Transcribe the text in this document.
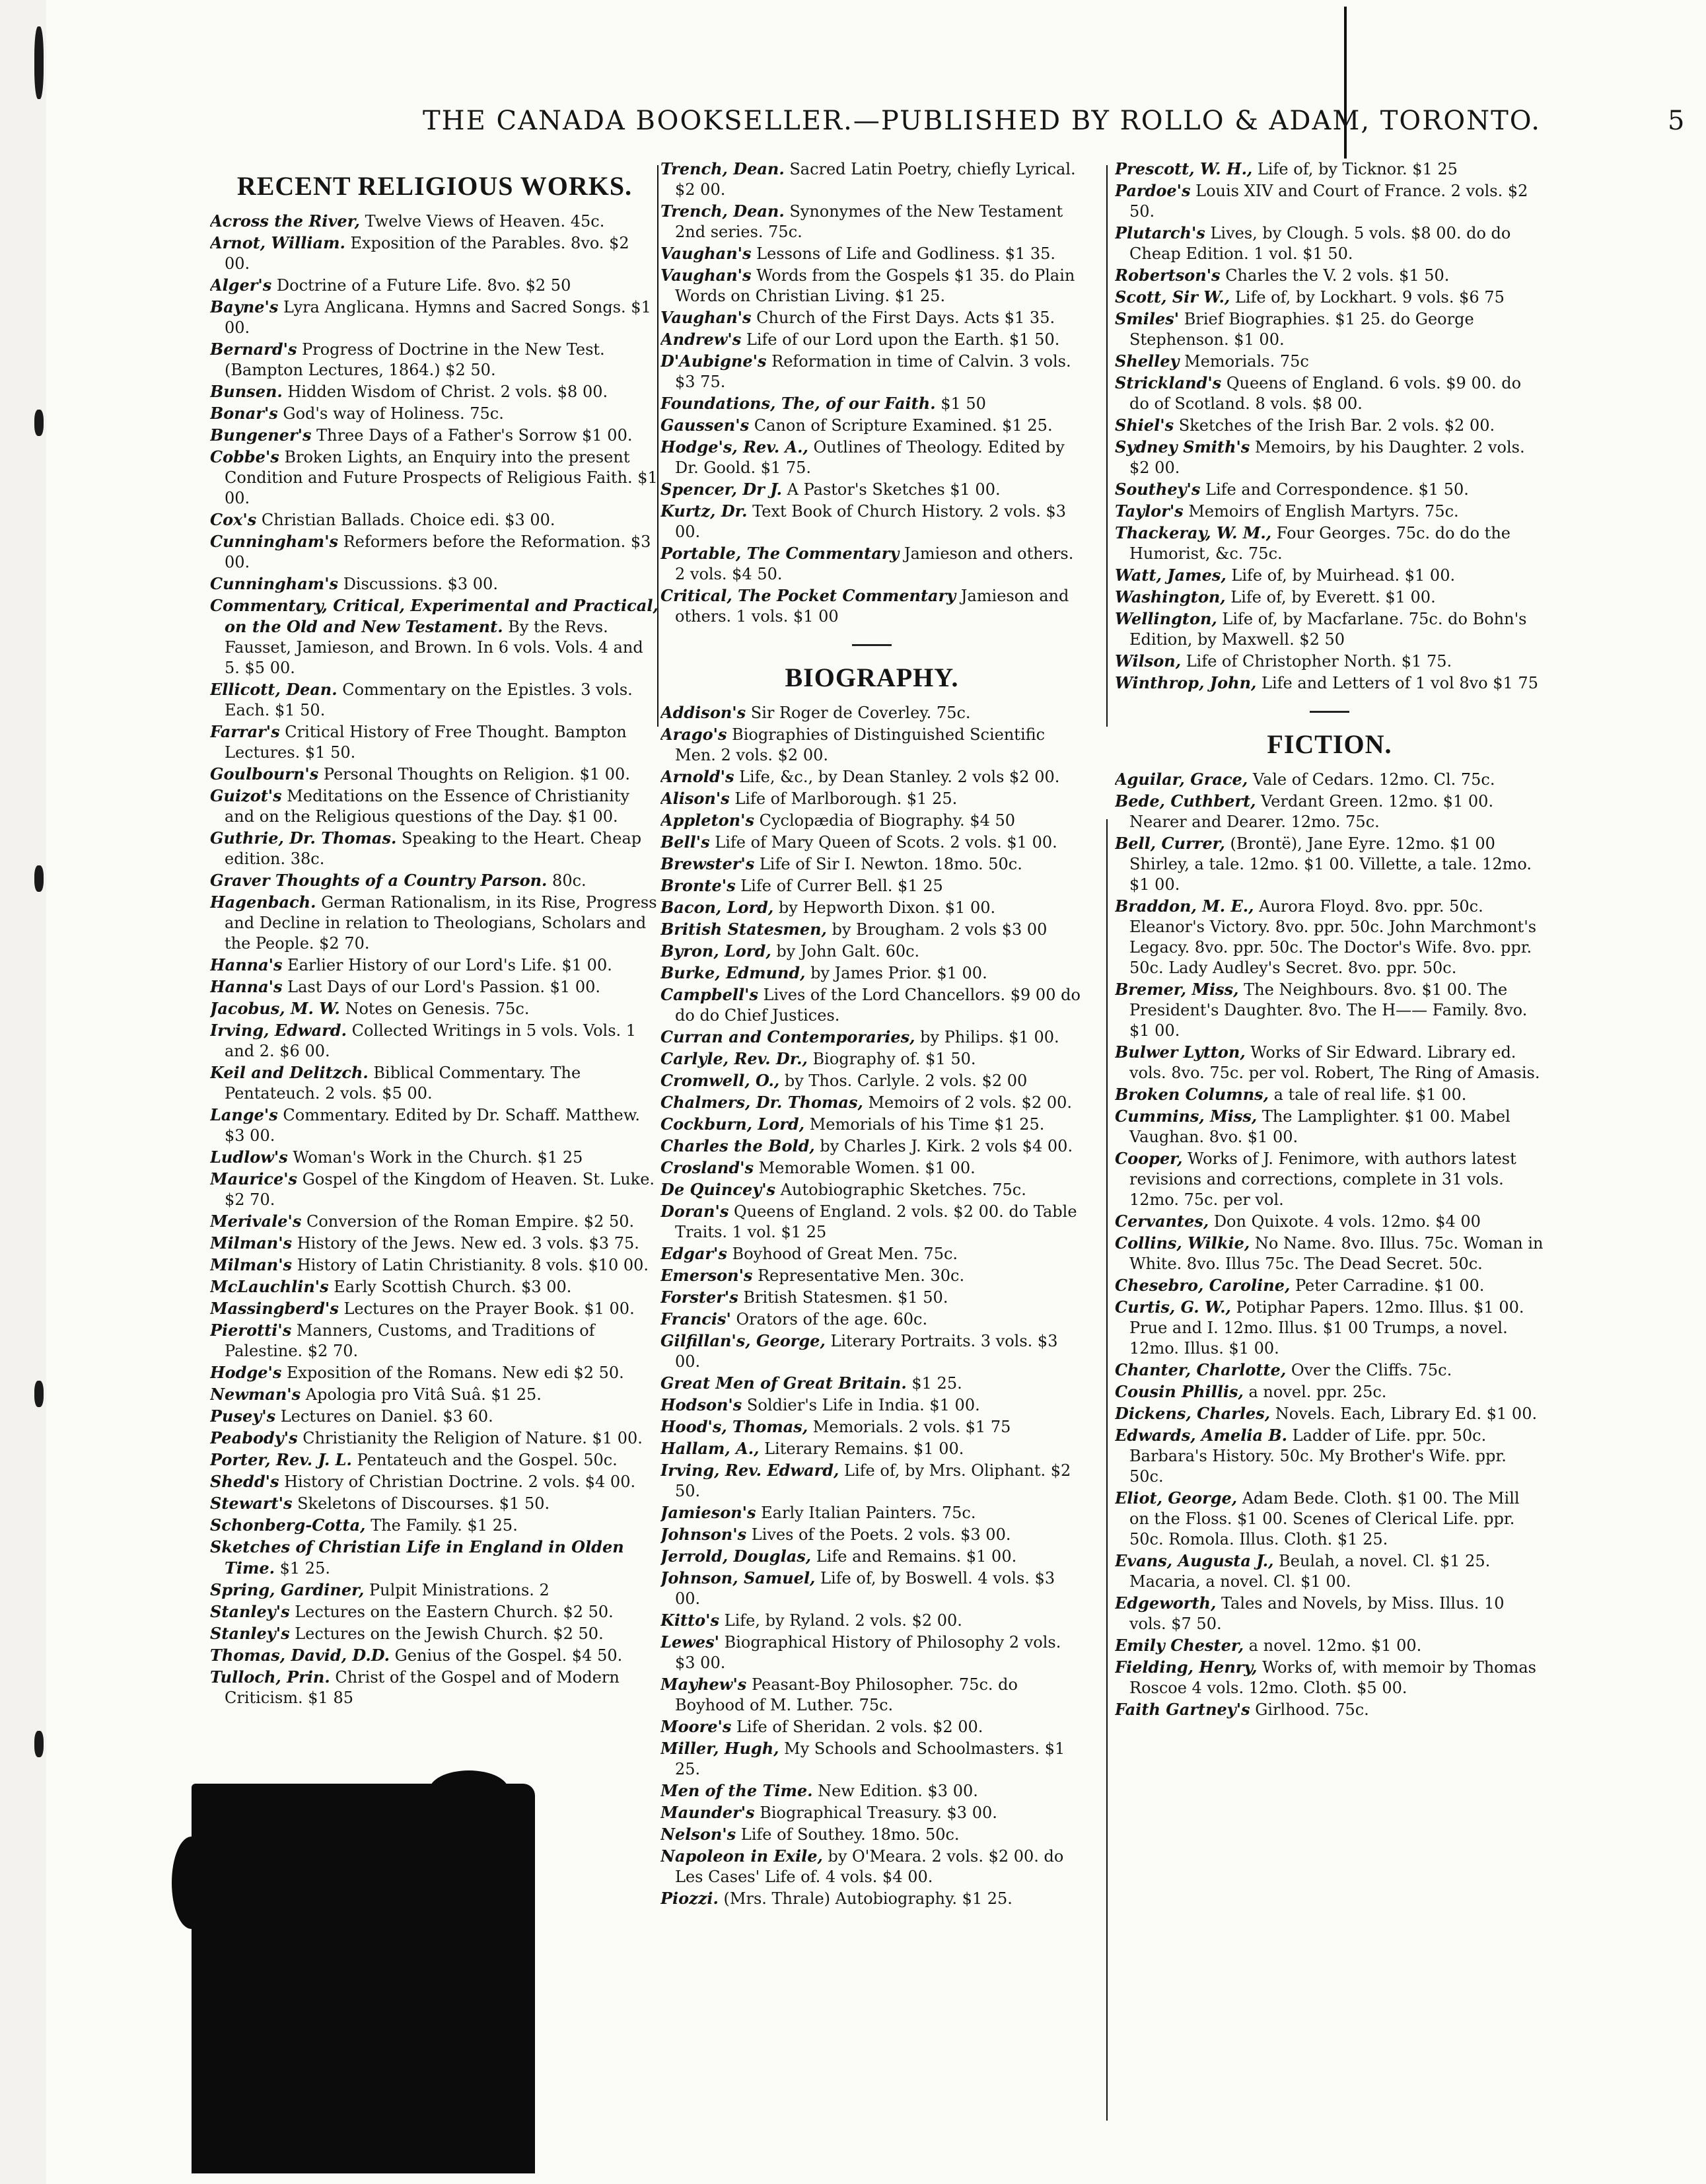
THE CANADA BOOKSELLER.—PUBLISHED BY ROLLO & ADAM, TORONTO.	5
RECENT RELIGIOUS WORKS.
Across the River, Twelve Views of Heaven. 45c.
Arnot, William. Exposition of the Parables. 8vo. $2 00.
Alger's Doctrine of a Future Life. 8vo. $2 50
Bayne's Lyra Anglicana. Hymns and Sacred Songs. $1 00.
Bernard's Progress of Doctrine in the New Test. (Bampton Lectures, 1864.) $2 50.
Bunsen. Hidden Wisdom of Christ. 2 vols. $8 00.
Bonar's God's way of Holiness. 75c.
Bungener's Three Days of a Father's Sorrow $1 00.
Cobbe's Broken Lights, an Enquiry into the present Condition and Future Prospects of Religious Faith. $1 00.
Cox's Christian Ballads. Choice edi. $3 00.
Cunningham's Reformers before the Reformation. $3 00.
Cunningham's Discussions. $3 00.
Commentary, Critical, Experimental and Practical, on the Old and New Testament. By the Revs. Fausset, Jamieson, and Brown. In 6 vols. Vols. 4 and 5. $5 00.
Ellicott, Dean. Commentary on the Epistles. 3 vols. Each. $1 50.
Farrar's Critical History of Free Thought. Bampton Lectures. $1 50.
Goulbourn's Personal Thoughts on Religion. $1 00.
Guizot's Meditations on the Essence of Christianity and on the Religious questions of the Day. $1 00.
Guthrie, Dr. Thomas. Speaking to the Heart. Cheap edition. 38c.
Graver Thoughts of a Country Parson. 80c.
Hagenbach. German Rationalism, in its Rise, Progress and Decline in relation to Theologians, Scholars and the People. $2 70.
Hanna's Earlier History of our Lord's Life. $1 00.
Hanna's Last Days of our Lord's Passion. $1 00.
Jacobus, M. W. Notes on Genesis. 75c.
Irving, Edward. Collected Writings in 5 vols. Vols. 1 and 2. $6 00.
Keil and Delitzch. Biblical Commentary. The Pentateuch. 2 vols. $5 00.
Lange's Commentary. Edited by Dr. Schaff. Matthew. $3 00.
Ludlow's Woman's Work in the Church. $1 25
Maurice's Gospel of the Kingdom of Heaven. St. Luke. $2 70.
Merivale's Conversion of the Roman Empire. $2 50.
Milman's History of the Jews. New ed. 3 vols. $3 75.
Milman's History of Latin Christianity. 8 vols. $10 00.
McLauchlin's Early Scottish Church. $3 00.
Massingberd's Lectures on the Prayer Book. $1 00.
Pierotti's Manners, Customs, and Traditions of Palestine. $2 70.
Hodge's Exposition of the Romans. New edi $2 50.
Newman's Apologia pro Vitâ Suâ. $1 25.
Pusey's Lectures on Daniel. $3 60.
Peabody's Christianity the Religion of Nature. $1 00.
Porter, Rev. J. L. Pentateuch and the Gospel. 50c.
Shedd's History of Christian Doctrine. 2 vols. $4 00.
Stewart's Skeletons of Discourses. $1 50.
Schonberg-Cotta, The Family. $1 25.
Sketches of Christian Life in England in Olden Time. $1 25.
Spring, Gardiner, Pulpit Ministrations. 2
Stanley's Lectures on the Eastern Church. $2 50.
Stanley's Lectures on the Jewish Church. $2 50.
Thomas, David, D.D. Genius of the Gospel. $4 50.
Tulloch, Prin. Christ of the Gospel and of Modern Criticism. $1 85
Trench, Dean. Sacred Latin Poetry, chiefly Lyrical. $2 00.
Trench, Dean. Synonymes of the New Testament 2nd series. 75c.
Vaughan's Lessons of Life and Godliness. $1 35.
Vaughan's Words from the Gospels $1 35. do Plain Words on Christian Living. $1 25.
Vaughan's Church of the First Days. Acts $1 35.
Andrew's Life of our Lord upon the Earth. $1 50.
D'Aubigne's Reformation in time of Calvin. 3 vols. $3 75.
Foundations, The, of our Faith. $1 50
Gaussen's Canon of Scripture Examined. $1 25.
Hodge's, Rev. A., Outlines of Theology. Edited by Dr. Goold. $1 75.
Spencer, Dr J. A Pastor's Sketches $1 00.
Kurtz, Dr. Text Book of Church History. 2 vols. $3 00.
Portable, The Commentary Jamieson and others. 2 vols. $4 50.
Critical, The Pocket Commentary Jamieson and others. 1 vols. $1 00
BIOGRAPHY.
Addison's Sir Roger de Coverley. 75c.
Arago's Biographies of Distinguished Scientific Men. 2 vols. $2 00.
Arnold's Life, &c., by Dean Stanley. 2 vols $2 00.
Alison's Life of Marlborough. $1 25.
Appleton's Cyclopædia of Biography. $4 50
Bell's Life of Mary Queen of Scots. 2 vols. $1 00.
Brewster's Life of Sir I. Newton. 18mo. 50c.
Bronte's Life of Currer Bell. $1 25
Bacon, Lord, by Hepworth Dixon. $1 00.
British Statesmen, by Brougham. 2 vols $3 00
Byron, Lord, by John Galt. 60c.
Burke, Edmund, by James Prior. $1 00.
Campbell's Lives of the Lord Chancellors. $9 00 do do do Chief Justices.
Curran and Contemporaries, by Philips. $1 00.
Carlyle, Rev. Dr., Biography of. $1 50.
Cromwell, O., by Thos. Carlyle. 2 vols. $2 00
Chalmers, Dr. Thomas, Memoirs of 2 vols. $2 00.
Cockburn, Lord, Memorials of his Time $1 25.
Charles the Bold, by Charles J. Kirk. 2 vols $4 00.
Crosland's Memorable Women. $1 00.
De Quincey's Autobiographic Sketches. 75c.
Doran's Queens of England. 2 vols. $2 00. do Table Traits. 1 vol. $1 25
Edgar's Boyhood of Great Men. 75c.
Emerson's Representative Men. 30c.
Forster's British Statesmen. $1 50.
Francis' Orators of the age. 60c.
Gilfillan's, George, Literary Portraits. 3 vols. $3 00.
Great Men of Great Britain. $1 25.
Hodson's Soldier's Life in India. $1 00.
Hood's, Thomas, Memorials. 2 vols. $1 75
Hallam, A., Literary Remains. $1 00.
Irving, Rev. Edward, Life of, by Mrs. Oliphant. $2 50.
Jamieson's Early Italian Painters. 75c.
Johnson's Lives of the Poets. 2 vols. $3 00.
Jerrold, Douglas, Life and Remains. $1 00.
Johnson, Samuel, Life of, by Boswell. 4 vols. $3 00.
Kitto's Life, by Ryland. 2 vols. $2 00.
Lewes' Biographical History of Philosophy 2 vols. $3 00.
Mayhew's Peasant-Boy Philosopher. 75c. do Boyhood of M. Luther. 75c.
Moore's Life of Sheridan. 2 vols. $2 00.
Miller, Hugh, My Schools and Schoolmasters. $1 25.
Men of the Time. New Edition. $3 00.
Maunder's Biographical Treasury. $3 00.
Nelson's Life of Southey. 18mo. 50c.
Napoleon in Exile, by O'Meara. 2 vols. $2 00. do Les Cases' Life of. 4 vols. $4 00.
Piozzi. (Mrs. Thrale) Autobiography. $1 25.
Prescott, W. H., Life of, by Ticknor. $1 25
Pardoe's Louis XIV and Court of France. 2 vols. $2 50.
Plutarch's Lives, by Clough. 5 vols. $8 00. do do Cheap Edition. 1 vol. $1 50.
Robertson's Charles the V. 2 vols. $1 50.
Scott, Sir W., Life of, by Lockhart. 9 vols. $6 75
Smiles' Brief Biographies. $1 25. do George Stephenson. $1 00.
Shelley Memorials. 75c
Strickland's Queens of England. 6 vols. $9 00. do do of Scotland. 8 vols. $8 00.
Shiel's Sketches of the Irish Bar. 2 vols. $2 00.
Sydney Smith's Memoirs, by his Daughter. 2 vols. $2 00.
Southey's Life and Correspondence. $1 50.
Taylor's Memoirs of English Martyrs. 75c.
Thackeray, W. M., Four Georges. 75c. do do the Humorist, &c. 75c.
Watt, James, Life of, by Muirhead. $1 00.
Washington, Life of, by Everett. $1 00.
Wellington, Life of, by Macfarlane. 75c. do Bohn's Edition, by Maxwell. $2 50
Wilson, Life of Christopher North. $1 75.
Winthrop, John, Life and Letters of 1 vol 8vo $1 75
FICTION.
Aguilar, Grace, Vale of Cedars. 12mo. Cl. 75c.
Bede, Cuthbert, Verdant Green. 12mo. $1 00. Nearer and Dearer. 12mo. 75c.
Bell, Currer, (Brontë), Jane Eyre. 12mo. $1 00 Shirley, a tale. 12mo. $1 00. Villette, a tale. 12mo. $1 00.
Braddon, M. E., Aurora Floyd. 8vo. ppr. 50c. Eleanor's Victory. 8vo. ppr. 50c. John Marchmont's Legacy. 8vo. ppr. 50c. The Doctor's Wife. 8vo. ppr. 50c. Lady Audley's Secret. 8vo. ppr. 50c.
Bremer, Miss, The Neighbours. 8vo. $1 00. The President's Daughter. 8vo. The H—— Family. 8vo. $1 00.
Bulwer Lytton, Works of Sir Edward. Library ed. vols. 8vo. 75c. per vol. Robert, The Ring of Amasis.
Broken Columns, a tale of real life. $1 00.
Cummins, Miss, The Lamplighter. $1 00. Mabel Vaughan. 8vo. $1 00.
Cooper, Works of J. Fenimore, with authors latest revisions and corrections, complete in 31 vols. 12mo. 75c. per vol.
Cervantes, Don Quixote. 4 vols. 12mo. $4 00
Collins, Wilkie, No Name. 8vo. Illus. 75c. Woman in White. 8vo. Illus 75c. The Dead Secret. 50c.
Chesebro, Caroline, Peter Carradine. $1 00.
Curtis, G. W., Potiphar Papers. 12mo. Illus. $1 00. Prue and I. 12mo. Illus. $1 00 Trumps, a novel. 12mo. Illus. $1 00.
Chanter, Charlotte, Over the Cliffs. 75c.
Cousin Phillis, a novel. ppr. 25c.
Dickens, Charles, Novels. Each, Library Ed. $1 00.
Edwards, Amelia B. Ladder of Life. ppr. 50c. Barbara's History. 50c. My Brother's Wife. ppr. 50c.
Eliot, George, Adam Bede. Cloth. $1 00. The Mill on the Floss. $1 00. Scenes of Clerical Life. ppr. 50c. Romola. Illus. Cloth. $1 25.
Evans, Augusta J., Beulah, a novel. Cl. $1 25. Macaria, a novel. Cl. $1 00.
Edgeworth, Tales and Novels, by Miss. Illus. 10 vols. $7 50.
Emily Chester, a novel. 12mo. $1 00.
Fielding, Henry, Works of, with memoir by Thomas Roscoe 4 vols. 12mo. Cloth. $5 00.
Faith Gartney's Girlhood. 75c.
